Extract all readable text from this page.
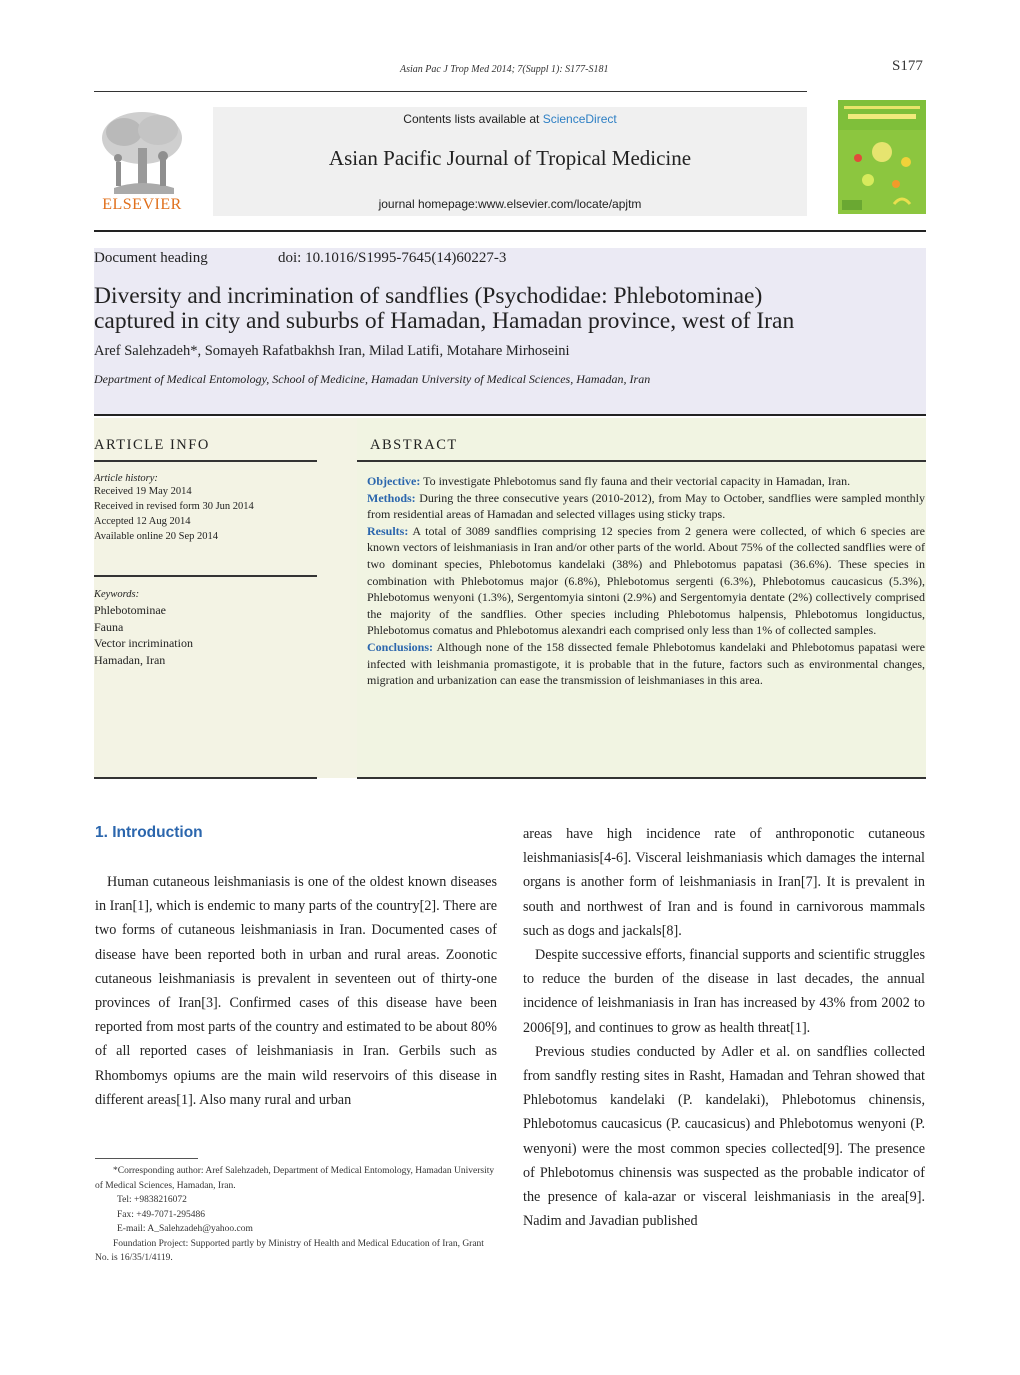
Asian Pac J Trop Med 2014; 7(Suppl 1): S177-S181	S177
ELSEVIER
Contents lists available at ScienceDirect
Asian Pacific Journal of Tropical Medicine
journal homepage:www.elsevier.com/locate/apjtm
Document heading	doi: 10.1016/S1995-7645(14)60227-3
Diversity and incrimination of sandflies (Psychodidae: Phlebotominae)
captured in city and suburbs of Hamadan, Hamadan province, west of Iran
Aref Salehzadeh*, Somayeh Rafatbakhsh Iran, Milad Latifi, Motahare Mirhoseini
Department of Medical Entomology, School of Medicine, Hamadan University of Medical Sciences, Hamadan, Iran
ARTICLE INFO	ABSTRACT
Article history:
Received 19 May 2014
Received in revised form 30 Jun 2014
Accepted 12 Aug 2014
Available online 20 Sep 2014
Keywords:
Phlebotominae
Fauna
Vector incrimination
Hamadan, Iran
Objective: To investigate Phlebotomus sand fly fauna and their vectorial capacity in Hamadan, Iran.
Methods: During the three consecutive years (2010-2012), from May to October, sandflies were sampled monthly from residential areas of Hamadan and selected villages using sticky traps.
Results: A total of 3089 sandflies comprising 12 species from 2 genera were collected, of which 6 species are known vectors of leishmaniasis in Iran and/or other parts of the world. About 75% of the collected sandflies were of two dominant species, Phlebotomus kandelaki (38%) and Phlebotomus papatasi (36.6%). These species in combination with Phlebotomus major (6.8%), Phlebotomus sergenti (6.3%), Phlebotomus caucasicus (5.3%), Phlebotomus wenyoni (1.3%), Sergentomyia sintoni (2.9%) and Sergentomyia dentate (2%) collectively comprised the majority of the sandflies. Other species including Phlebotomus halpensis, Phlebotomus longiductus, Phlebotomus comatus and Phlebotomus alexandri each comprised only less than 1% of collected samples.
Conclusions: Although none of the 158 dissected female Phlebotomus kandelaki and Phlebotomus papatasi were infected with leishmania promastigote, it is probable that in the future, factors such as environmental changes, migration and urbanization can ease the transmission of leishmaniases in this area.
1. Introduction
Human cutaneous leishmaniasis is one of the oldest known diseases in Iran[1], which is endemic to many parts of the country[2]. There are two forms of cutaneous leishmaniasis in Iran. Documented cases of disease have been reported both in urban and rural areas. Zoonotic cutaneous leishmaniasis is prevalent in seventeen out of thirty-one provinces of Iran[3]. Confirmed cases of this disease have been reported from most parts of the country and estimated to be about 80% of all reported cases of leishmaniasis in Iran. Gerbils such as Rhombomys opiums are the main wild reservoirs of this disease in different areas[1]. Also many rural and urban
areas have high incidence rate of anthroponotic cutaneous leishmaniasis[4-6]. Visceral leishmaniasis which damages the internal organs is another form of leishmaniasis in Iran[7]. It is prevalent in south and northwest of Iran and is found in carnivorous mammals such as dogs and jackals[8].
Despite successive efforts, financial supports and scientific struggles to reduce the burden of the disease in last decades, the annual incidence of leishmaniasis in Iran has increased by 43% from 2002 to 2006[9], and continues to grow as health threat[1].
Previous studies conducted by Adler et al. on sandflies collected from sandfly resting sites in Rasht, Hamadan and Tehran showed that Phlebotomus kandelaki (P. kandelaki), Phlebotomus chinensis, Phlebotomus caucasicus (P. caucasicus) and Phlebotomus wenyoni (P. wenyoni) were the most common species collected[9]. The presence of Phlebotomus chinensis was suspected as the probable indicator of the presence of kala-azar or visceral leishmaniasis in the area[9]. Nadim and Javadian published
*Corresponding author: Aref Salehzadeh, Department of Medical Entomology, Hamadan University of Medical Sciences, Hamadan, Iran.
Tel: +9838216072
Fax: +49-7071-295486
E-mail: A_Salehzadeh@yahoo.com
Foundation Project: Supported partly by Ministry of Health and Medical Education of Iran, Grant No. is 16/35/1/4119.
